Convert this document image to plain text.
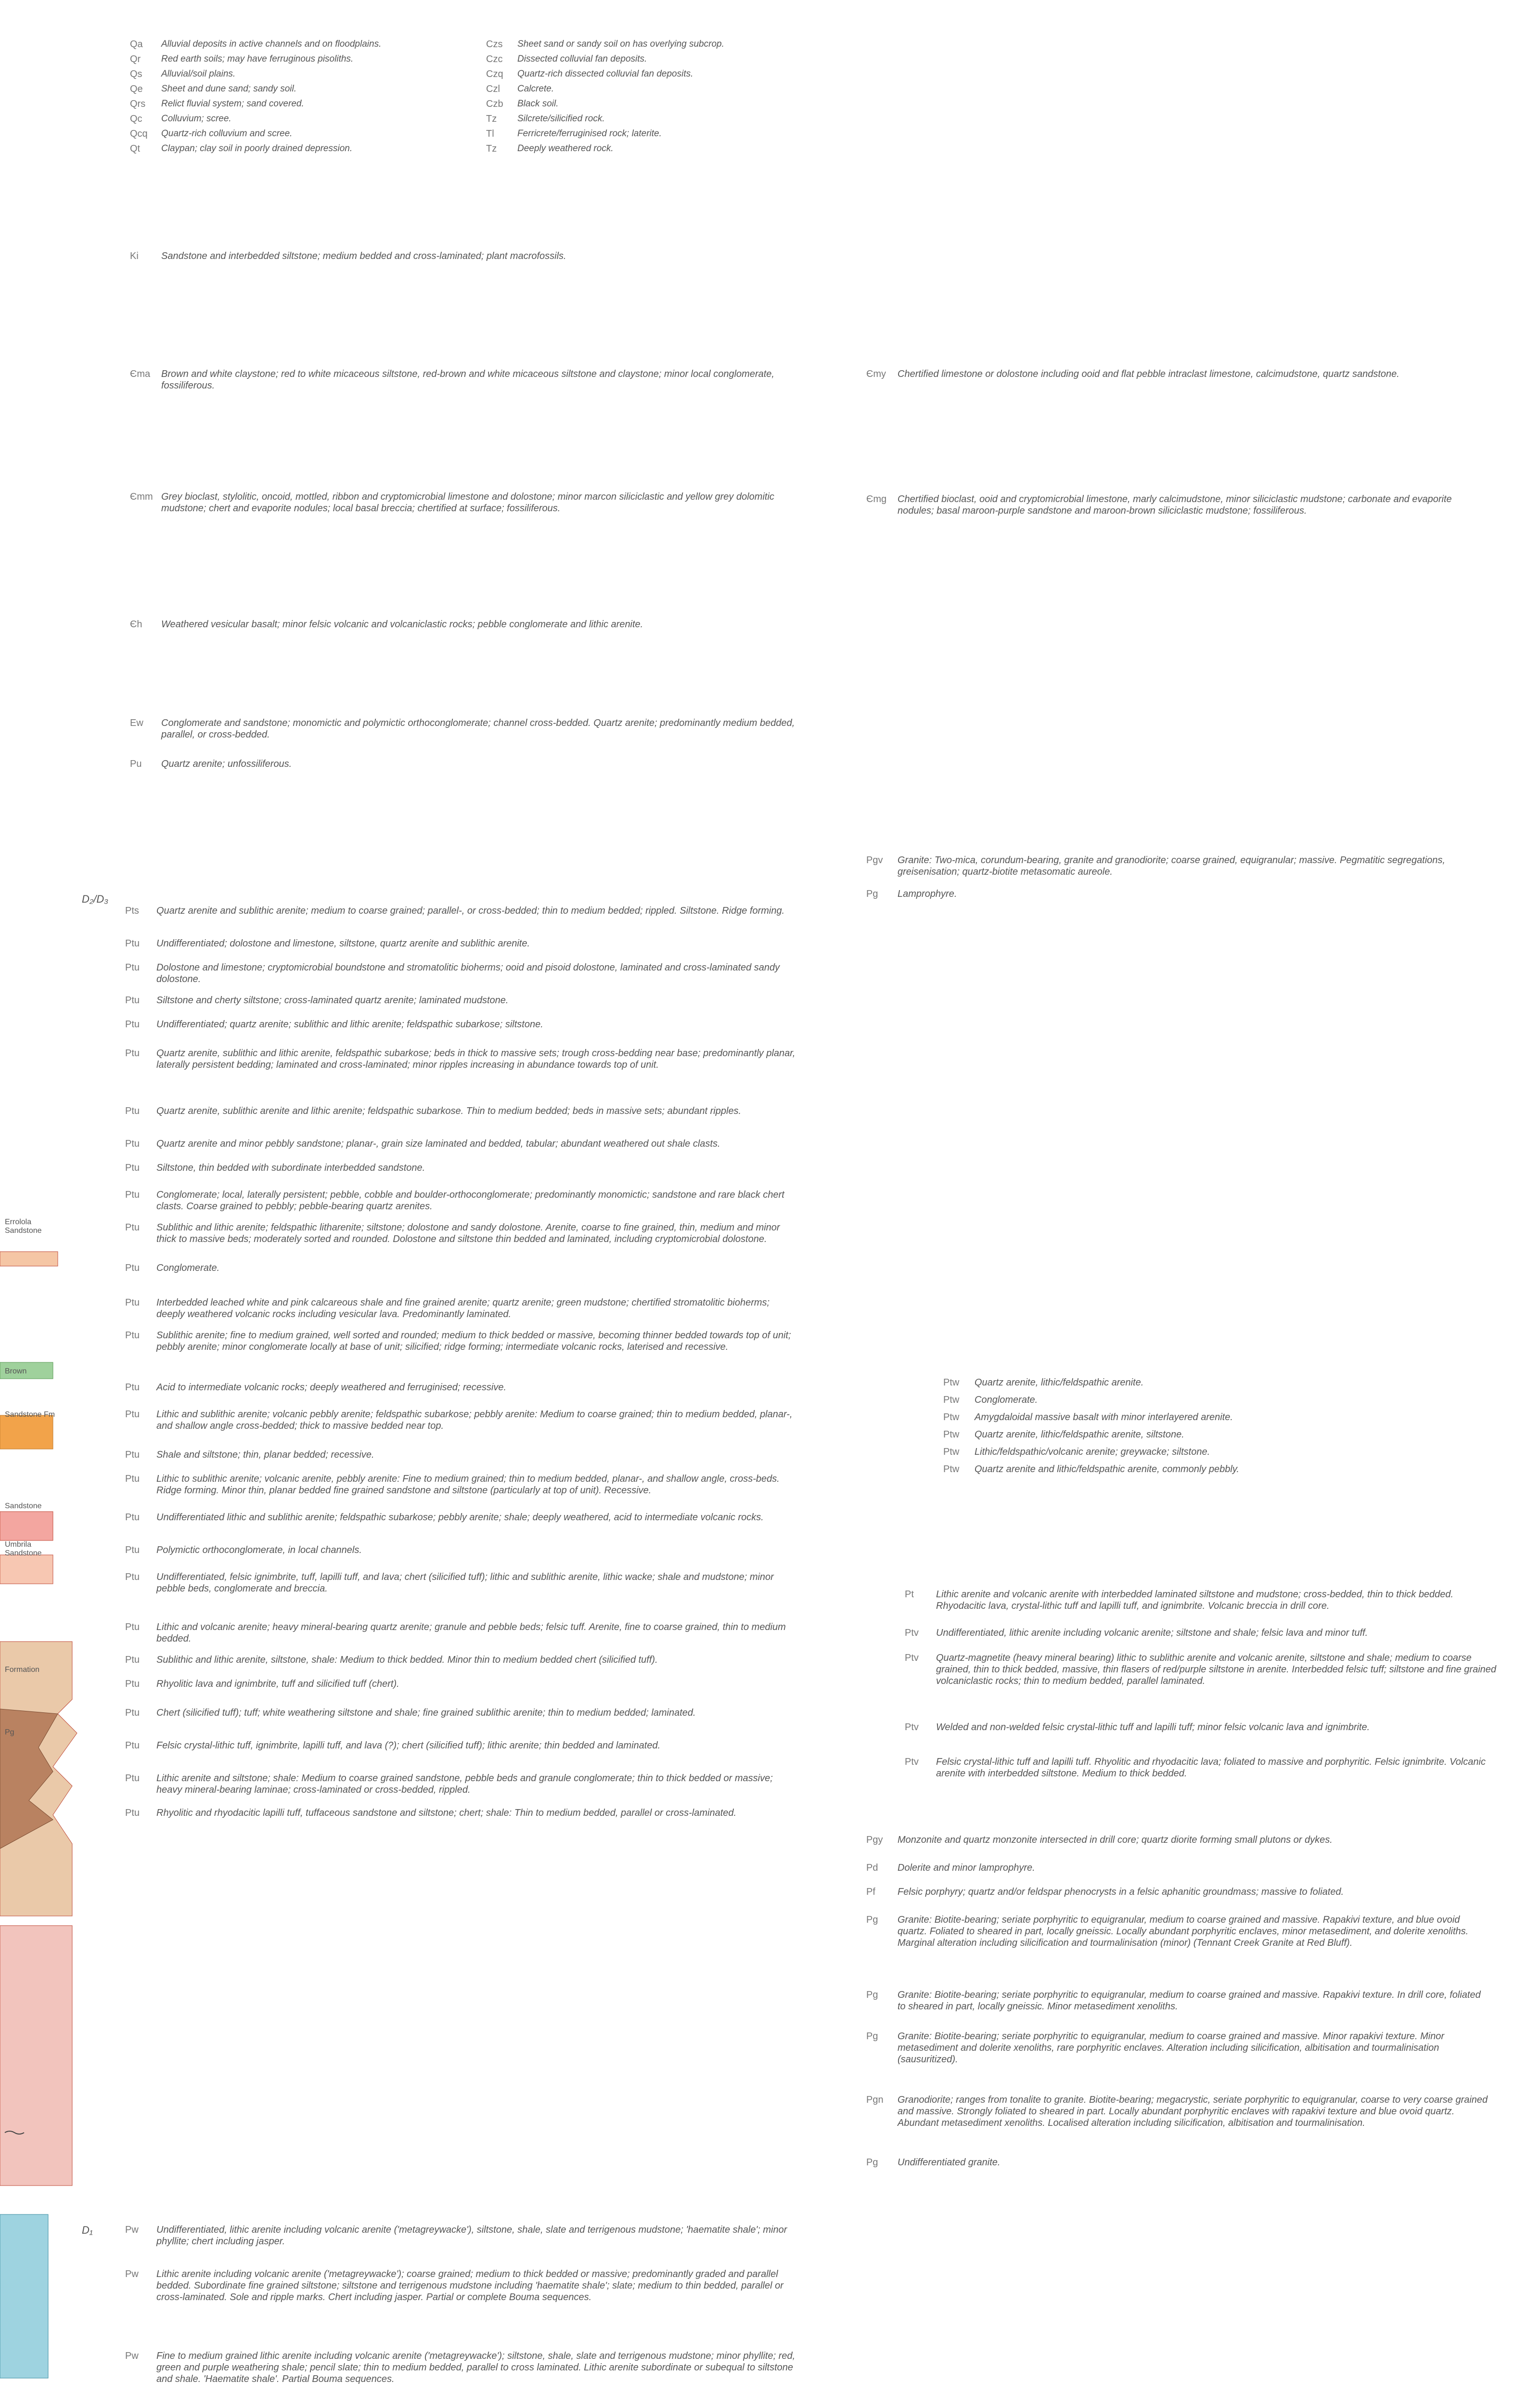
Qa Alluvial deposits in active channels and on floodplains.
Qr Red earth soils; may have ferruginous pisoliths.
Qs Alluvial/soil plains.
Qe Sheet and dune sand; sandy soil.
Qrs Relict fluvial system; sand covered.
Qc Colluvium; scree.
Qcq Quartz-rich colluvium and scree.
Qt Claypan; clay soil in poorly drained depression.
Czs Sheet sand or sandy soil on has overlying subcrop.
Czc Dissected colluvial fan deposits.
Czq Quartz-rich dissected colluvial fan deposits.
Czl Calcrete.
Czb Black soil.
Tz Silcrete/silicified rock.
Tl	Ferricrete/ferruginised rock; laterite.
Tz Deeply weathered rock.
Ki Sandstone and interbedded siltstone; medium bedded and cross-laminated; plant macrofossils.
Єma Brown and white claystone; red to white micaceous siltstone, red-brown and white micaceous siltstone and claystone; minor local conglomerate, fossiliferous.
Єmm Grey bioclast, stylolitic, oncoid, mottled, ribbon and cryptomicrobial limestone and dolostone; minor marcon siliciclastic and yellow grey dolomitic mudstone; chert and evaporite nodules; local basal breccia; chertified at surface; fossiliferous.
Єh Weathered vesicular basalt; minor felsic volcanic and volcaniclastic rocks; pebble conglomerate and lithic arenite.
Ew Conglomerate and sandstone; monomictic and polymictic orthoconglomerate; channel cross-bedded. Quartz arenite; predominantly medium bedded, parallel, or cross-bedded.
Pu Quartz arenite; unfossiliferous.
Єmy Chertified limestone or dolostone including ooid and flat pebble intraclast limestone, calcimudstone, quartz sandstone.
Єmg Chertified bioclast, ooid and cryptomicrobial limestone, marly calcimudstone, minor siliciclastic mudstone; carbonate and evaporite nodules; basal maroon-purple sandstone and maroon-brown siliciclastic mudstone; fossiliferous.
Pgv Granite: Two-mica, corundum-bearing, granite and granodiorite; coarse grained, equigranular; massive. Pegmatitic segregations, greisenisation; quartz-biotite metasomatic aureole.
Pg Lamprophyre.
D₂/D₃
Pts Quartz arenite and sublithic arenite; medium to coarse grained; parallel-, or cross-bedded; thin to medium bedded; rippled. Siltstone. Ridge forming.
Ptu Undifferentiated; dolostone and limestone, siltstone, quartz arenite and sublithic arenite.
Ptu Dolostone and limestone; cryptomicrobial boundstone and stromatolitic bioherms; ooid and pisoid dolostone, laminated and cross-laminated sandy dolostone.
Ptu Siltstone and cherty siltstone; cross-laminated quartz arenite; laminated mudstone.
Ptu Undifferentiated; quartz arenite; sublithic and lithic arenite; feldspathic subarkose; siltstone.
Ptu Quartz arenite, sublithic and lithic arenite, feldspathic subarkose; beds in thick to massive sets; trough cross-bedding near base; predominantly planar, laterally persistent bedding; laminated and cross-laminated; minor ripples increasing in abundance towards top of unit.
Ptu Quartz arenite, sublithic arenite and lithic arenite; feldspathic subarkose. Thin to medium bedded; beds in massive sets; abundant ripples.
Ptu Quartz arenite and minor pebbly sandstone; planar-, grain size laminated and bedded, tabular; abundant weathered out shale clasts.
Ptu Siltstone, thin bedded with subordinate interbedded sandstone.
Ptu Conglomerate; local, laterally persistent; pebble, cobble and boulder-orthoconglomerate; predominantly monomictic; sandstone and rare black chert clasts. Coarse grained to pebbly; pebble-bearing quartz arenites.
Ptu Sublithic and lithic arenite; feldspathic litharenite; siltstone; dolostone and sandy dolostone. Arenite, coarse to fine grained, thin, medium and minor thick to massive beds; moderately sorted and rounded. Dolostone and siltstone thin bedded and laminated, including cryptomicrobial dolostone.
Ptu Conglomerate.
Ptu Interbedded leached white and pink calcareous shale and fine grained arenite; quartz arenite; green mudstone; chertified stromatolitic bioherms; deeply weathered volcanic rocks including vesicular lava. Predominantly laminated.
Ptu Sublithic arenite; fine to medium grained, well sorted and rounded; medium to thick bedded or massive, becoming thinner bedded towards top of unit; pebbly arenite; minor conglomerate locally at base of unit; silicified; ridge forming; intermediate volcanic rocks, laterised and recessive.
Ptu Acid to intermediate volcanic rocks; deeply weathered and ferruginised; recessive.
Ptu Lithic and sublithic arenite; volcanic pebbly arenite; feldspathic subarkose; pebbly arenite: Medium to coarse grained; thin to medium bedded, planar-, and shallow angle cross-bedded; thick to massive bedded near top.
Ptu Shale and siltstone; thin, planar bedded; recessive.
Ptu Lithic to sublithic arenite; volcanic arenite, pebbly arenite: Fine to medium grained; thin to medium bedded, planar-, and shallow angle, cross-beds. Ridge forming. Minor thin, planar bedded fine grained sandstone and siltstone (particularly at top of unit). Recessive.
Ptu Undifferentiated lithic and sublithic arenite; feldspathic subarkose; pebbly arenite; shale; deeply weathered, acid to intermediate volcanic rocks.
Ptu Polymictic orthoconglomerate, in local channels.
Ptu Undifferentiated, felsic ignimbrite, tuff, lapilli tuff, and lava; chert (silicified tuff); lithic and sublithic arenite, lithic wacke; shale and mudstone; minor pebble beds, conglomerate and breccia.
Ptu Lithic and volcanic arenite; heavy mineral-bearing quartz arenite; granule and pebble beds; felsic tuff. Arenite, fine to coarse grained, thin to medium bedded.
Ptu Sublithic and lithic arenite, siltstone, shale: Medium to thick bedded. Minor thin to medium bedded chert (silicified tuff).
Ptu Rhyolitic lava and ignimbrite, tuff and silicified tuff (chert).
Ptu Chert (silicified tuff); tuff; white weathering siltstone and shale; fine grained sublithic arenite; thin to medium bedded; laminated.
Ptu Felsic crystal-lithic tuff, ignimbrite, lapilli tuff, and lava (?); chert (silicified tuff); lithic arenite; thin bedded and laminated.
Ptu Lithic arenite and siltstone; shale: Medium to coarse grained sandstone, pebble beds and granule conglomerate; thin to thick bedded or massive; heavy mineral-bearing laminae; cross-laminated or cross-bedded, rippled.
Ptu Rhyolitic and rhyodacitic lapilli tuff, tuffaceous sandstone and siltstone; chert; shale: Thin to medium bedded, parallel or cross-laminated.
Ptw Quartz arenite, lithic/feldspathic arenite.
Ptw Conglomerate.
Ptw Amygdaloidal massive basalt with minor interlayered arenite.
Ptw Quartz arenite, lithic/feldspathic arenite, siltstone.
Ptw Lithic/feldspathic/volcanic arenite; greywacke; siltstone.
Ptw Quartz arenite and lithic/feldspathic arenite, commonly pebbly.
Pt Lithic arenite and volcanic arenite with interbedded laminated siltstone and mudstone; cross-bedded, thin to thick bedded. Rhyodacitic lava, crystal-lithic tuff and lapilli tuff, and ignimbrite. Volcanic breccia in drill core.
Ptv Undifferentiated, lithic arenite including volcanic arenite; siltstone and shale; felsic lava and minor tuff.
Ptv Quartz-magnetite (heavy mineral bearing) lithic to sublithic arenite and volcanic arenite, siltstone and shale; medium to coarse grained, thin to thick bedded, massive, thin flasers of red/purple siltstone in arenite. Interbedded felsic tuff; siltstone and fine grained volcaniclastic rocks; thin to medium bedded, parallel laminated.
Ptv Welded and non-welded felsic crystal-lithic tuff and lapilli tuff; minor felsic volcanic lava and ignimbrite.
Ptv Felsic crystal-lithic tuff and lapilli tuff. Rhyolitic and rhyodacitic lava; foliated to massive and porphyritic. Felsic ignimbrite. Volcanic arenite with interbedded siltstone. Medium to thick bedded.
Pgy Monzonite and quartz monzonite intersected in drill core; quartz diorite forming small plutons or dykes.
Pd Dolerite and minor lamprophyre.
Pf Felsic porphyry; quartz and/or feldspar phenocrysts in a felsic aphanitic groundmass; massive to foliated.
Pg Granite: Biotite-bearing; seriate porphyritic to equigranular, medium to coarse grained and massive. Rapakivi texture, and blue ovoid quartz. Foliated to sheared in part, locally gneissic. Locally abundant porphyritic enclaves, minor metasediment, and dolerite xenoliths. Marginal alteration including silicification and tourmalinisation (minor) (Tennant Creek Granite at Red Bluff).
Pg Granite: Biotite-bearing; seriate porphyritic to equigranular, medium to coarse grained and massive. Rapakivi texture. In drill core, foliated to sheared in part, locally gneissic. Minor metasediment xenoliths.
Pg Granite: Biotite-bearing; seriate porphyritic to equigranular, medium to coarse grained and massive. Minor rapakivi texture. Minor metasediment and dolerite xenoliths, rare porphyritic enclaves. Alteration including silicification, albitisation and tourmalinisation (sausuritized).
Pgn Granodiorite; ranges from tonalite to granite. Biotite-bearing; megacrystic, seriate porphyritic to equigranular, coarse to very coarse grained and massive. Strongly foliated to sheared in part. Locally abundant porphyritic enclaves with rapakivi texture and blue ovoid quartz. Abundant metasediment xenoliths. Localised alteration including silicification, albitisation and tourmalinisation.
Pg Undifferentiated granite.
D₁	Pw Undifferentiated, lithic arenite including volcanic arenite ('metagreywacke'), siltstone, shale, slate and terrigenous mudstone; 'haematite shale'; minor phyllite; chert including jasper.
Pw Lithic arenite including volcanic arenite ('metagreywacke'); coarse grained; medium to thick bedded or massive; predominantly graded and parallel bedded. Subordinate fine grained siltstone; siltstone and terrigenous mudstone including 'haematite shale'; slate; medium to thin bedded, parallel or cross-laminated. Sole and ripple marks. Chert including jasper. Partial or complete Bouma sequences.
Pw Fine to medium grained lithic arenite including volcanic arenite ('metagreywacke'); siltstone, shale, slate and terrigenous mudstone; minor phyllite; red, green and purple weathering shale; pencil slate; thin to medium bedded, parallel to cross laminated. Lithic arenite subordinate or subequal to siltstone and shale. 'Haematite shale'. Partial Bouma sequences.
Errolola Sandstone
Brown
Sandstone Fm
Sandstone
Umbrila Sandstone
Formation
Pg
